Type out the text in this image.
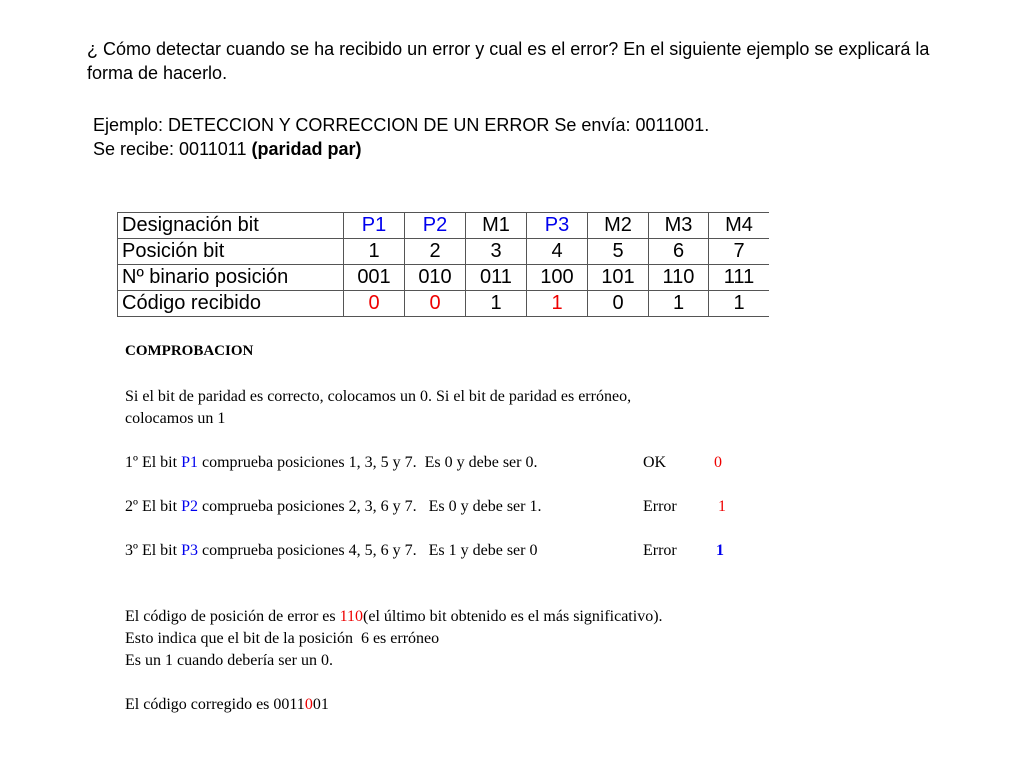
¿ Cómo detectar cuando se ha recibido un error y cual es el error? En el siguiente ejemplo se explicará la forma de hacerlo.
Ejemplo: DETECCION Y CORRECCION DE UN ERROR Se envía: 0011001.
Se recibe: 0011011 (paridad par)
Designación bit	P1	P2	M1	P3	M2	M3	M4
Posición bit	1	2	3	4	5	6	7
Nº binario posición	001	010	011	100	101	110	111
Código recibido	0	0	1	1	0	1	1
COMPROBACION
Si el bit de paridad es correcto, colocamos un 0. Si el bit de paridad es erróneo,
colocamos un 1
1º El bit P1 comprueba posiciones 1, 3, 5 y 7.  Es 0 y debe ser 0.	OK	0
2º El bit P2 comprueba posiciones 2, 3, 6 y 7.   Es 0 y debe ser 1.	Error	1
3º El bit P3 comprueba posiciones 4, 5, 6 y 7.   Es 1 y debe ser 0	Error 1
El código de posición de error es 110(el último bit obtenido es el más significativo).
Esto indica que el bit de la posición  6 es erróneo
Es un 1 cuando debería ser un 0.
El código corregido es 0011001
